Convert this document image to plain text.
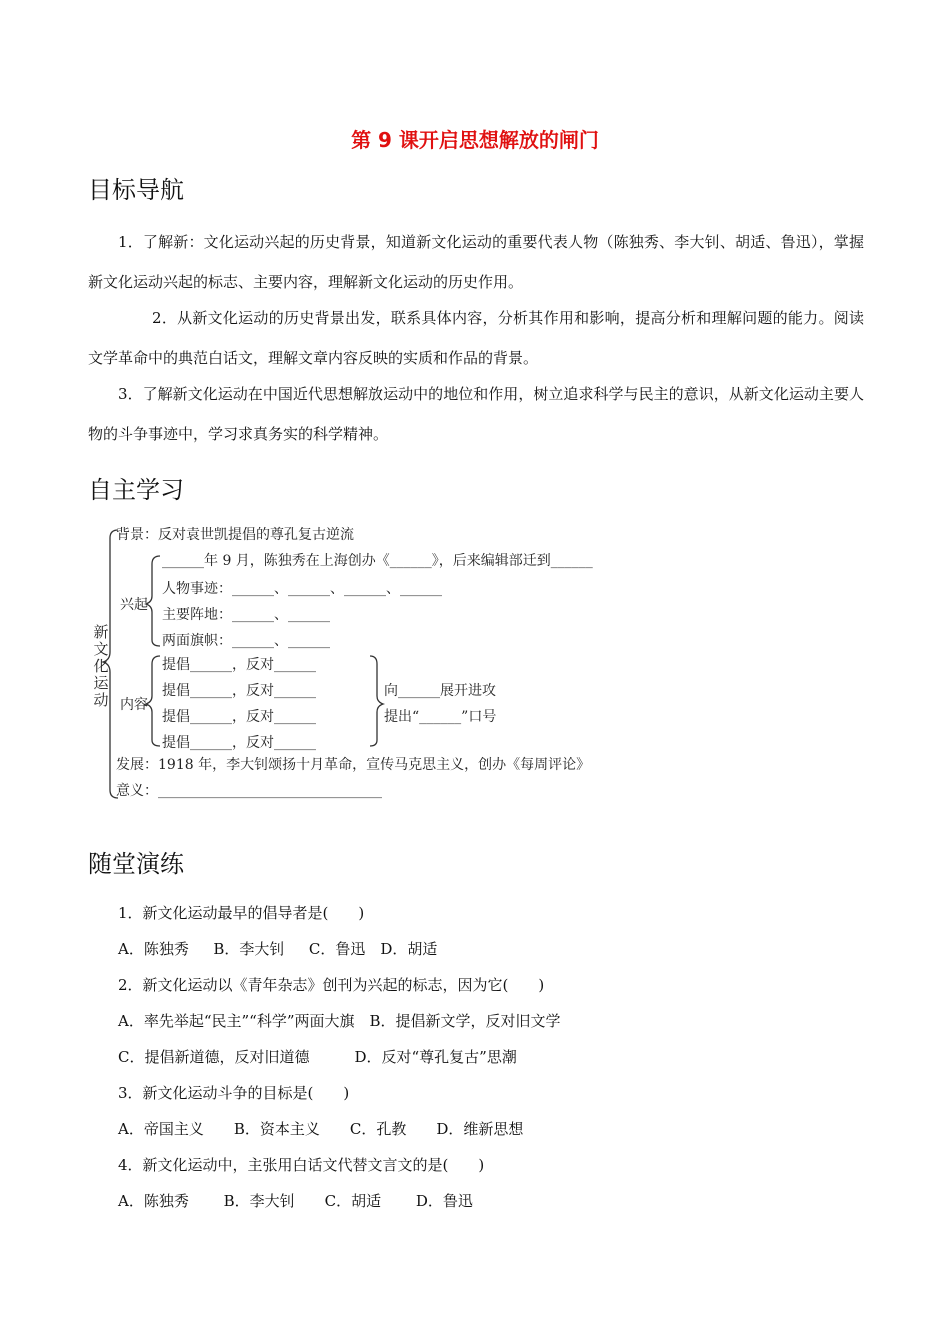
第 9 课开启思想解放的闸门
目标导航

1．了解新：文化运动兴起的历史背景，知道新文化运动的重要代表人物（陈独秀、李大钊、胡适、鲁迅），掌握新文化运动兴起的标志、主要内容，理解新文化运动的历史作用。

2．从新文化运动的历史背景出发，联系具体内容，分析其作用和影响，提高分析和理解问题的能力。阅读文学革命中的典范白话文，理解文章内容反映的实质和作品的背景。

3．了解新文化运动在中国近代思想解放运动中的地位和作用，树立追求科学与民主的意识，从新文化运动主要人物的斗争事迹中，学习求真务实的科学精神。

自主学习
新文化运动
背景：反对袁世凯提倡的尊孔复古逆流
兴起
______年 9 月，陈独秀在上海创办《______》，后来编辑部迁到______
人物事迹：______、______、______、______
主要阵地：______、______
两面旗帜：______、______
内容
提倡______，反对______
提倡______，反对______
提倡______，反对______
提倡______，反对______
向______展开进攻
提出“______”口号
发展：1918 年，李大钊颂扬十月革命，宣传马克思主义，创办《每周评论》
意义：________________________________
随堂演练
1．新文化运动最早的倡导者是(　　)
A．陈独秀　  B．李大钊　  C．鲁迅　D．胡适
2．新文化运动以《青年杂志》创刊为兴起的标志，因为它(　　)
A．率先举起“民主”“科学”两面大旗　B．提倡新文学，反对旧文学
C．提倡新道德，反对旧道德　　　D．反对“尊孔复古”思潮
3．新文化运动斗争的目标是(　　)
A．帝国主义　　B．资本主义　　C．孔教　　D．维新思想
4．新文化运动中，主张用白话文代替文言文的是(　　)
A．陈独秀　　 B．李大钊　　C．胡适　　 D．鲁迅
